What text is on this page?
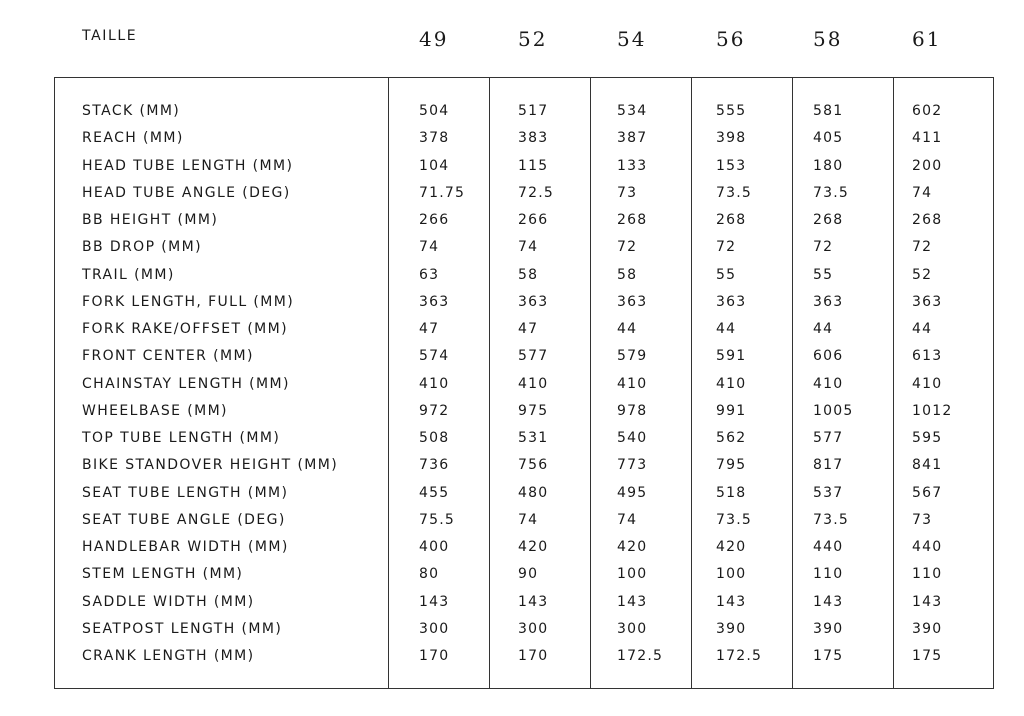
TAILLE	49	52	54	56	58	61
STACK (MM)	504	517	534	555	581	602
REACH (MM)	378	383	387	398	405	411
HEAD TUBE LENGTH (MM)	104	115	133	153	180	200
HEAD TUBE ANGLE (DEG)	71.75	72.5	73	73.5	73.5	74
BB HEIGHT (MM)	266	266	268	268	268	268
BB DROP (MM)	74	74	72	72	72	72
TRAIL (MM)	63	58	58	55	55	52
FORK LENGTH, FULL (MM)	363	363	363	363	363	363
FORK RAKE/OFFSET (MM)	47	47	44	44	44	44
FRONT CENTER (MM)	574	577	579	591	606	613
CHAINSTAY LENGTH (MM)	410	410	410	410	410	410
WHEELBASE (MM)	972	975	978	991	1005	1012
TOP TUBE LENGTH (MM)	508	531	540	562	577	595
BIKE STANDOVER HEIGHT (MM)	736	756	773	795	817	841
SEAT TUBE LENGTH (MM)	455	480	495	518	537	567
SEAT TUBE ANGLE (DEG)	75.5	74	74	73.5	73.5	73
HANDLEBAR WIDTH (MM)	400	420	420	420	440	440
STEM LENGTH (MM)	80	90	100	100	110	110
SADDLE WIDTH (MM)	143	143	143	143	143	143
SEATPOST LENGTH (MM)	300	300	300	390	390	390
CRANK LENGTH (MM)	170	170	172.5	172.5	175	175
